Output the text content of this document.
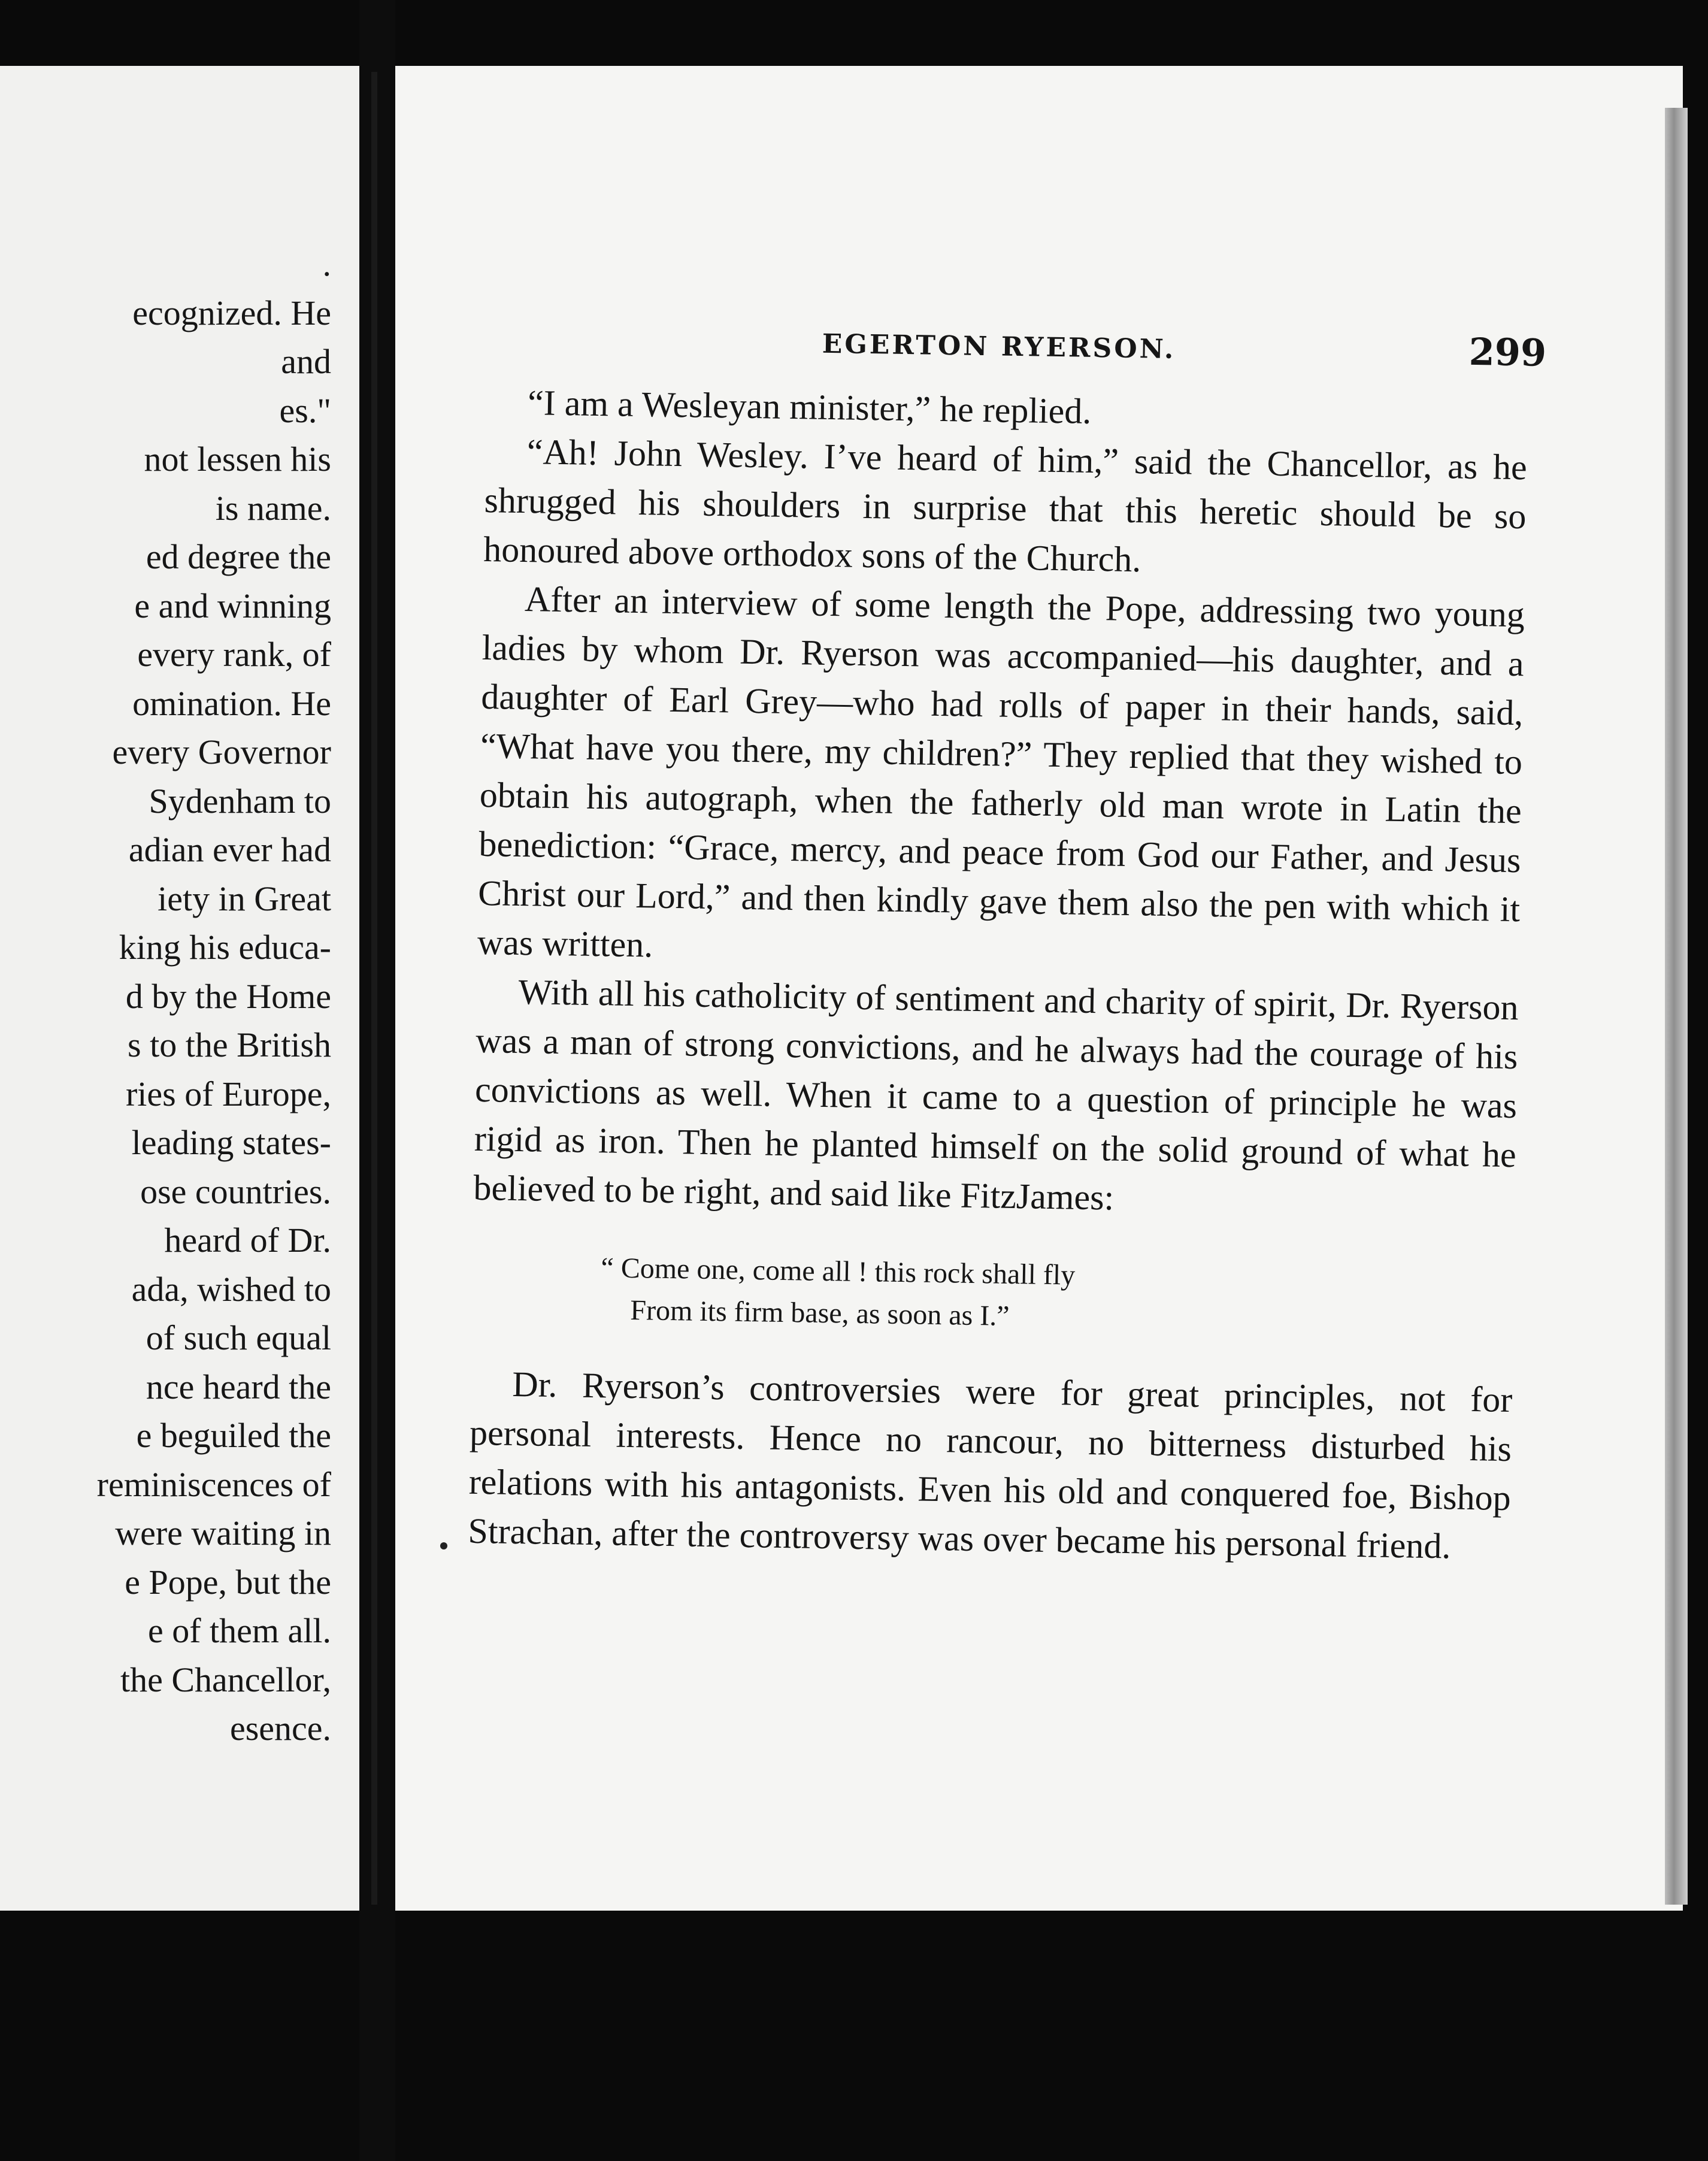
.
ecognized. He
and
es."
not lessen his
is name.
ed degree the
e and winning
every rank, of
omination. He
every Governor
Sydenham to
adian ever had
iety in Great
king his educa-
d by the Home
s to the British
ries of Europe,
leading states-
ose countries.
heard of Dr.
ada, wished to
of such equal
nce heard the
e beguiled the
reminiscences of
were waiting in
e Pope, but the
e of them all.
the Chancellor,
esence.
EGERTON RYERSON.	299

“I am a Wesleyan minister,” he replied.

“Ah! John Wesley. I’ve heard of him,” said the Chancellor, as he shrugged his shoulders in surprise that this heretic should be so honoured above orthodox sons of the Church.

After an interview of some length the Pope, addressing two young ladies by whom Dr. Ryerson was accompanied—his daughter, and a daughter of Earl Grey—who had rolls of paper in their hands, said, “What have you there, my children?” They replied that they wished to obtain his autograph, when the fatherly old man wrote in Latin the benediction: “Grace, mercy, and peace from God our Father, and Jesus Christ our Lord,” and then kindly gave them also the pen with which it was written.

With all his catholicity of sentiment and charity of spirit, Dr. Ryerson was a man of strong convictions, and he always had the courage of his convictions as well. When it came to a question of principle he was rigid as iron. Then he planted himself on the solid ground of what he believed to be right, and said like FitzJames:

“ Come one, come all ! this rock shall fly
From its firm base, as soon as I.”

Dr. Ryerson’s controversies were for great principles, not for personal interests. Hence no rancour, no bitterness disturbed his relations with his antagonists. Even his old and conquered foe, Bishop Strachan, after the controversy was over became his personal friend.
